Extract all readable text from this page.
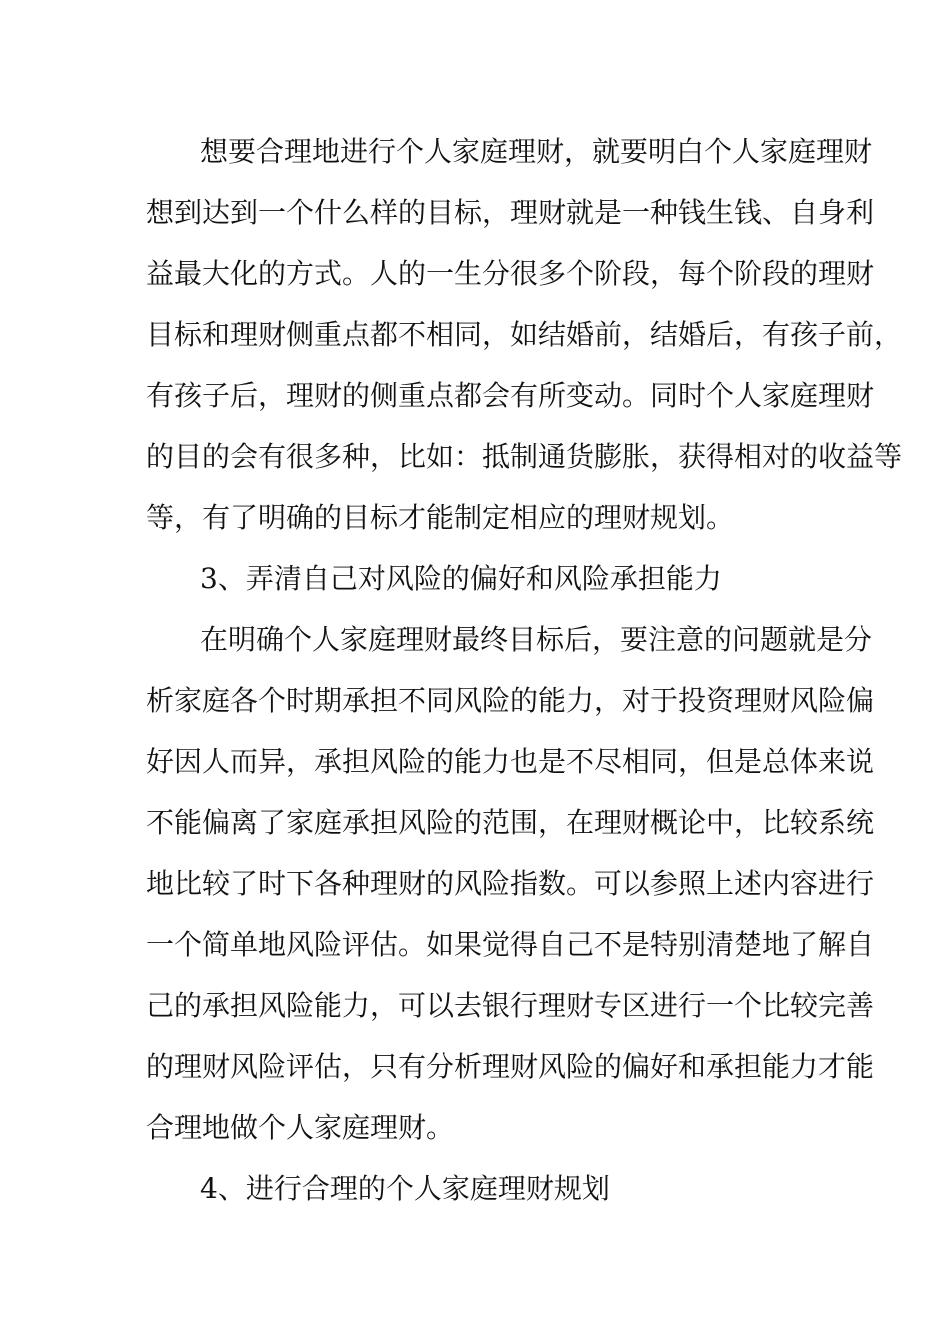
想要合理地进行个人家庭理财，就要明白个人家庭理财
想到达到一个什么样的目标，理财就是一种钱生钱、自身利
益最大化的方式。人的一生分很多个阶段，每个阶段的理财
目标和理财侧重点都不相同，如结婚前，结婚后，有孩子前，
有孩子后，理财的侧重点都会有所变动。同时个人家庭理财
的目的会有很多种，比如：抵制通货膨胀，获得相对的收益等
等，有了明确的目标才能制定相应的理财规划。
3、弄清自己对风险的偏好和风险承担能力
在明确个人家庭理财最终目标后，要注意的问题就是分
析家庭各个时期承担不同风险的能力，对于投资理财风险偏
好因人而异，承担风险的能力也是不尽相同，但是总体来说
不能偏离了家庭承担风险的范围，在理财概论中，比较系统
地比较了时下各种理财的风险指数。可以参照上述内容进行
一个简单地风险评估。如果觉得自己不是特别清楚地了解自
己的承担风险能力，可以去银行理财专区进行一个比较完善
的理财风险评估，只有分析理财风险的偏好和承担能力才能
合理地做个人家庭理财。
4、进行合理的个人家庭理财规划
